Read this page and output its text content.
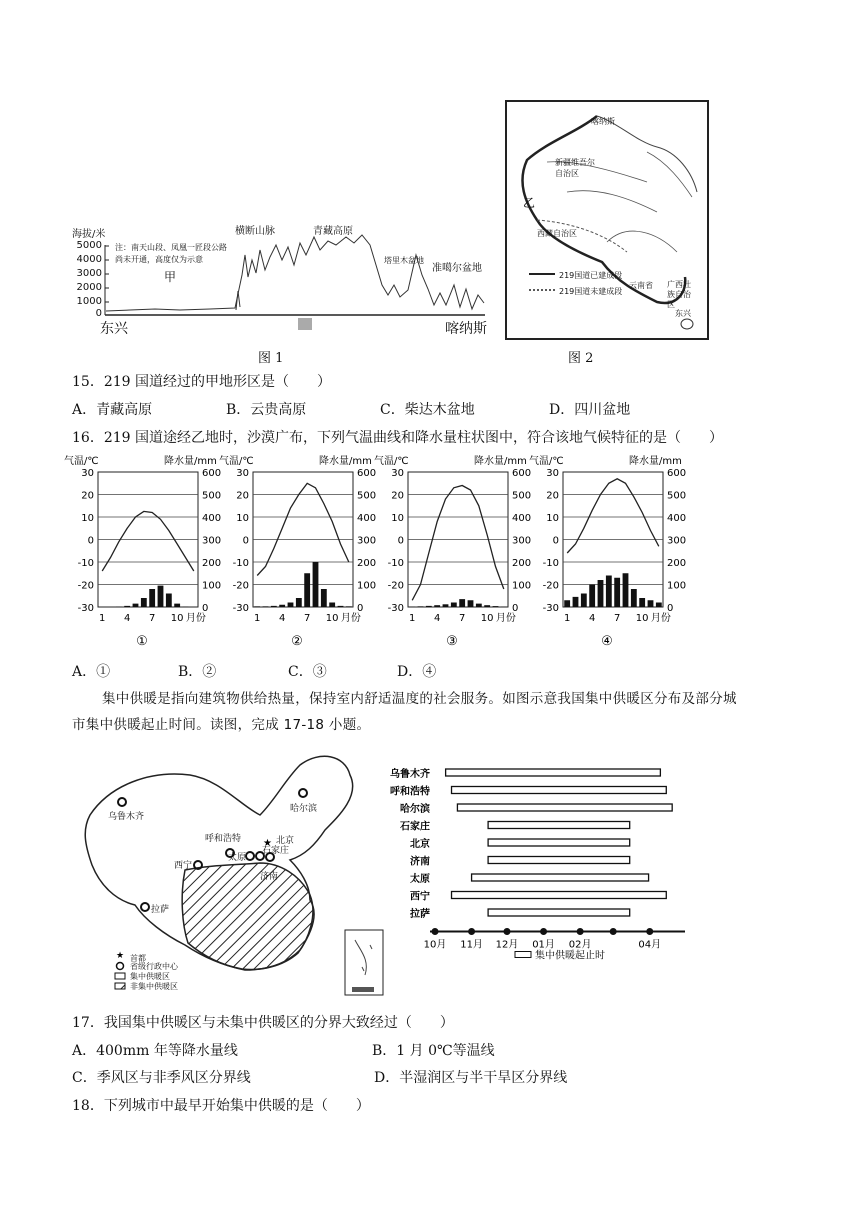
海拔/米
5000
4000
3000
2000
1000
0
注：南天山段、凤凰一匠段公路
尚未开通，高度仅为示意
甲
横断山脉	青藏高原
塔里木盆地
准噶尔盆地
东兴	喀纳斯
图 1
喀纳斯
新疆维吾尔自治区
乙
西藏自治区
云南省 广西壮族自治区
东兴
219国道已建成段
219国道未建成段
图 2
15．219 国道经过的甲地形区是（　　）
A．青藏高原	B．云贵高原	C．柴达木盆地	D．四川盆地
16．219 国道途经乙地时，沙漠广布，下列气温曲线和降水量柱状图中，符合该地气候特征的是（　　）
气温/℃	降水量/mm
30
20
10
0
-10
-20
-30
600
500
400
300
200
100
0
1 4 7 10 月份
①
气温/℃	降水量/mm
30
20
10
0
-10
-20
-30
600
500
400
300
200
100
0
1 4 7 10 月份
②
气温/℃	降水量/mm
30
20
10
0
-10
-20
-30
600
500
400
300
200
100
0
1 4 7 10 月份
③
气温/℃	降水量/mm
30
20
10
0
-10
-20
-30
600
500
400
300
200
100
0
1 4 7 10 月份
④
A．①	B．②	C．③	D．④
集中供暖是指向建筑物供给热量，保持室内舒适温度的社会服务。如图示意我国集中供暖区分布及部分城
市集中供暖起止时间。读图，完成 17-18 小题。
★
★
乌鲁木齐
哈尔滨
呼和浩特
石家庄
北京
太原
济南
西宁
拉萨
首都
省级行政中心
集中供暖区
非集中供暖区
乌鲁木齐
呼和浩特
哈尔滨
石家庄
北京
济南
太原
西宁
拉萨
10月 11月 12月 01月 02月	04月
集中供暖起止时
17．我国集中供暖区与未集中供暖区的分界大致经过（　　）
A．400mm 年等降水量线	B．1 月 0℃等温线
C．季风区与非季风区分界线	D．半湿润区与半干旱区分界线
18．下列城市中最早开始集中供暖的是（　　）
